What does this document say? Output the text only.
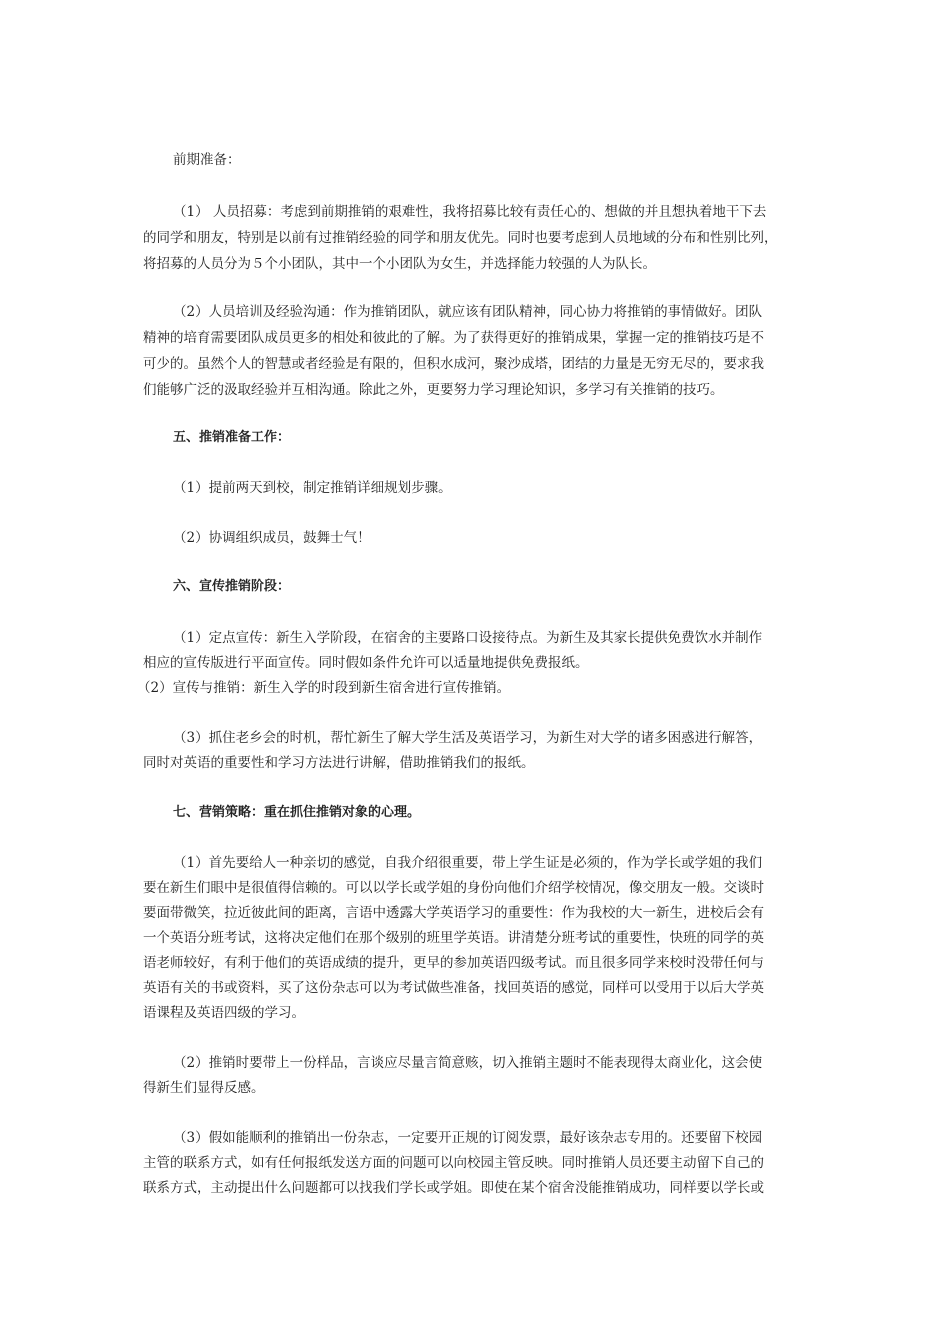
前期准备：
（1） 人员招募：考虑到前期推销的艰难性，我将招募比较有责任心的、想做的并且想执着地干下去
的同学和朋友，特别是以前有过推销经验的同学和朋友优先。同时也要考虑到人员地域的分布和性别比列，
将招募的人员分为５个小团队，其中一个小团队为女生，并选择能力较强的人为队长。
（2）人员培训及经验沟通：作为推销团队，就应该有团队精神，同心协力将推销的事情做好。团队
精神的培育需要团队成员更多的相处和彼此的了解。为了获得更好的推销成果，掌握一定的推销技巧是不
可少的。虽然个人的智慧或者经验是有限的，但积水成河，聚沙成塔，团结的力量是无穷无尽的，要求我
们能够广泛的汲取经验并互相沟通。除此之外，更要努力学习理论知识，多学习有关推销的技巧。
五、推销准备工作：
（1）提前两天到校，制定推销详细规划步骤。
（2）协调组织成员，鼓舞士气！
六、宣传推销阶段：
（1）定点宣传：新生入学阶段，在宿舍的主要路口设接待点。为新生及其家长提供免费饮水并制作
相应的宣传版进行平面宣传。同时假如条件允许可以适量地提供免费报纸。
（2）宣传与推销：新生入学的时段到新生宿舍进行宣传推销。
（3）抓住老乡会的时机，帮忙新生了解大学生活及英语学习，为新生对大学的诸多困惑进行解答，
同时对英语的重要性和学习方法进行讲解，借助推销我们的报纸。
七、营销策略：重在抓住推销对象的心理。
（1）首先要给人一种亲切的感觉，自我介绍很重要，带上学生证是必须的，作为学长或学姐的我们
要在新生们眼中是很值得信赖的。可以以学长或学姐的身份向他们介绍学校情况，像交朋友一般。交谈时
要面带微笑，拉近彼此间的距离，言语中透露大学英语学习的重要性：作为我校的大一新生，进校后会有
一个英语分班考试，这将决定他们在那个级别的班里学英语。讲清楚分班考试的重要性，快班的同学的英
语老师较好，有利于他们的英语成绩的提升，更早的参加英语四级考试。而且很多同学来校时没带任何与
英语有关的书或资料，买了这份杂志可以为考试做些准备，找回英语的感觉，同样可以受用于以后大学英
语课程及英语四级的学习。
（2）推销时要带上一份样品，言谈应尽量言简意赅，切入推销主题时不能表现得太商业化，这会使
得新生们显得反感。
（3）假如能顺利的推销出一份杂志，一定要开正规的订阅发票，最好该杂志专用的。还要留下校园
主管的联系方式，如有任何报纸发送方面的问题可以向校园主管反映。同时推销人员还要主动留下自己的
联系方式，主动提出什么问题都可以找我们学长或学姐。即使在某个宿舍没能推销成功，同样要以学长或
